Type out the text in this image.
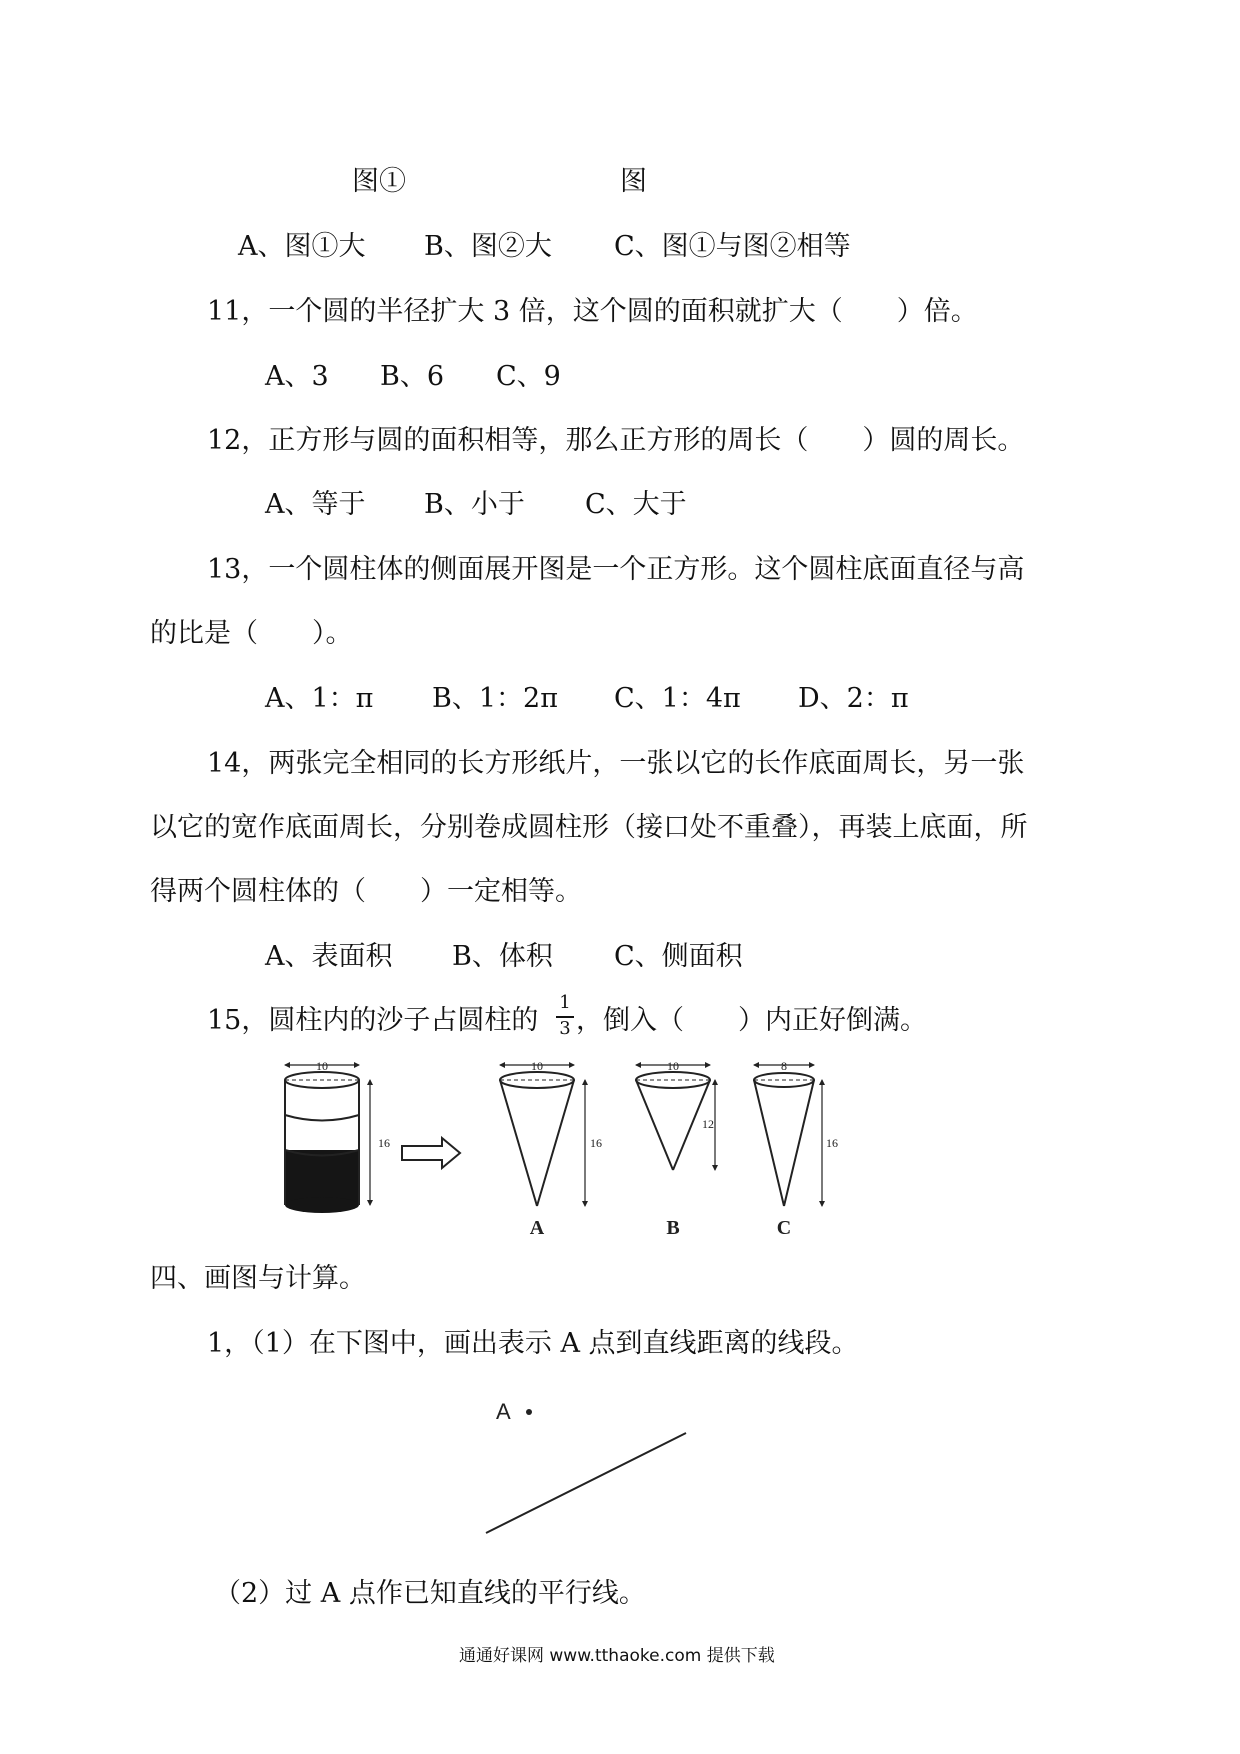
图①	图
A、图①大 B、图②大 C、图①与图②相等
11，一个圆的半径扩大 3 倍，这个圆的面积就扩大（　　）倍。
A、3 B、6 C、9
12，正方形与圆的面积相等，那么正方形的周长（　　）圆的周长。
A、等于 B、小于 C、大于
13，一个圆柱体的侧面展开图是一个正方形。这个圆柱底面直径与高
的比是（　　）。
A、1：π B、1：2π C、1：4π D、2：π
14，两张完全相同的长方形纸片，一张以它的长作底面周长，另一张
以它的宽作底面周长，分别卷成圆柱形（接口处不重叠），再装上底面，所
得两个圆柱体的（　　）一定相等。
A、表面积 B、体积 C、侧面积
15，圆柱内的沙子占圆柱的
1
3 ，倒入（　　）内正好倒满。
10
16
10
16
A
10
12
B
8
16
C
四、画图与计算。
1，（1）在下图中，画出表示 A 点到直线距离的线段。
A
（2）过 A 点作已知直线的平行线。
通通好课网 www.tthaoke.com 提供下载
